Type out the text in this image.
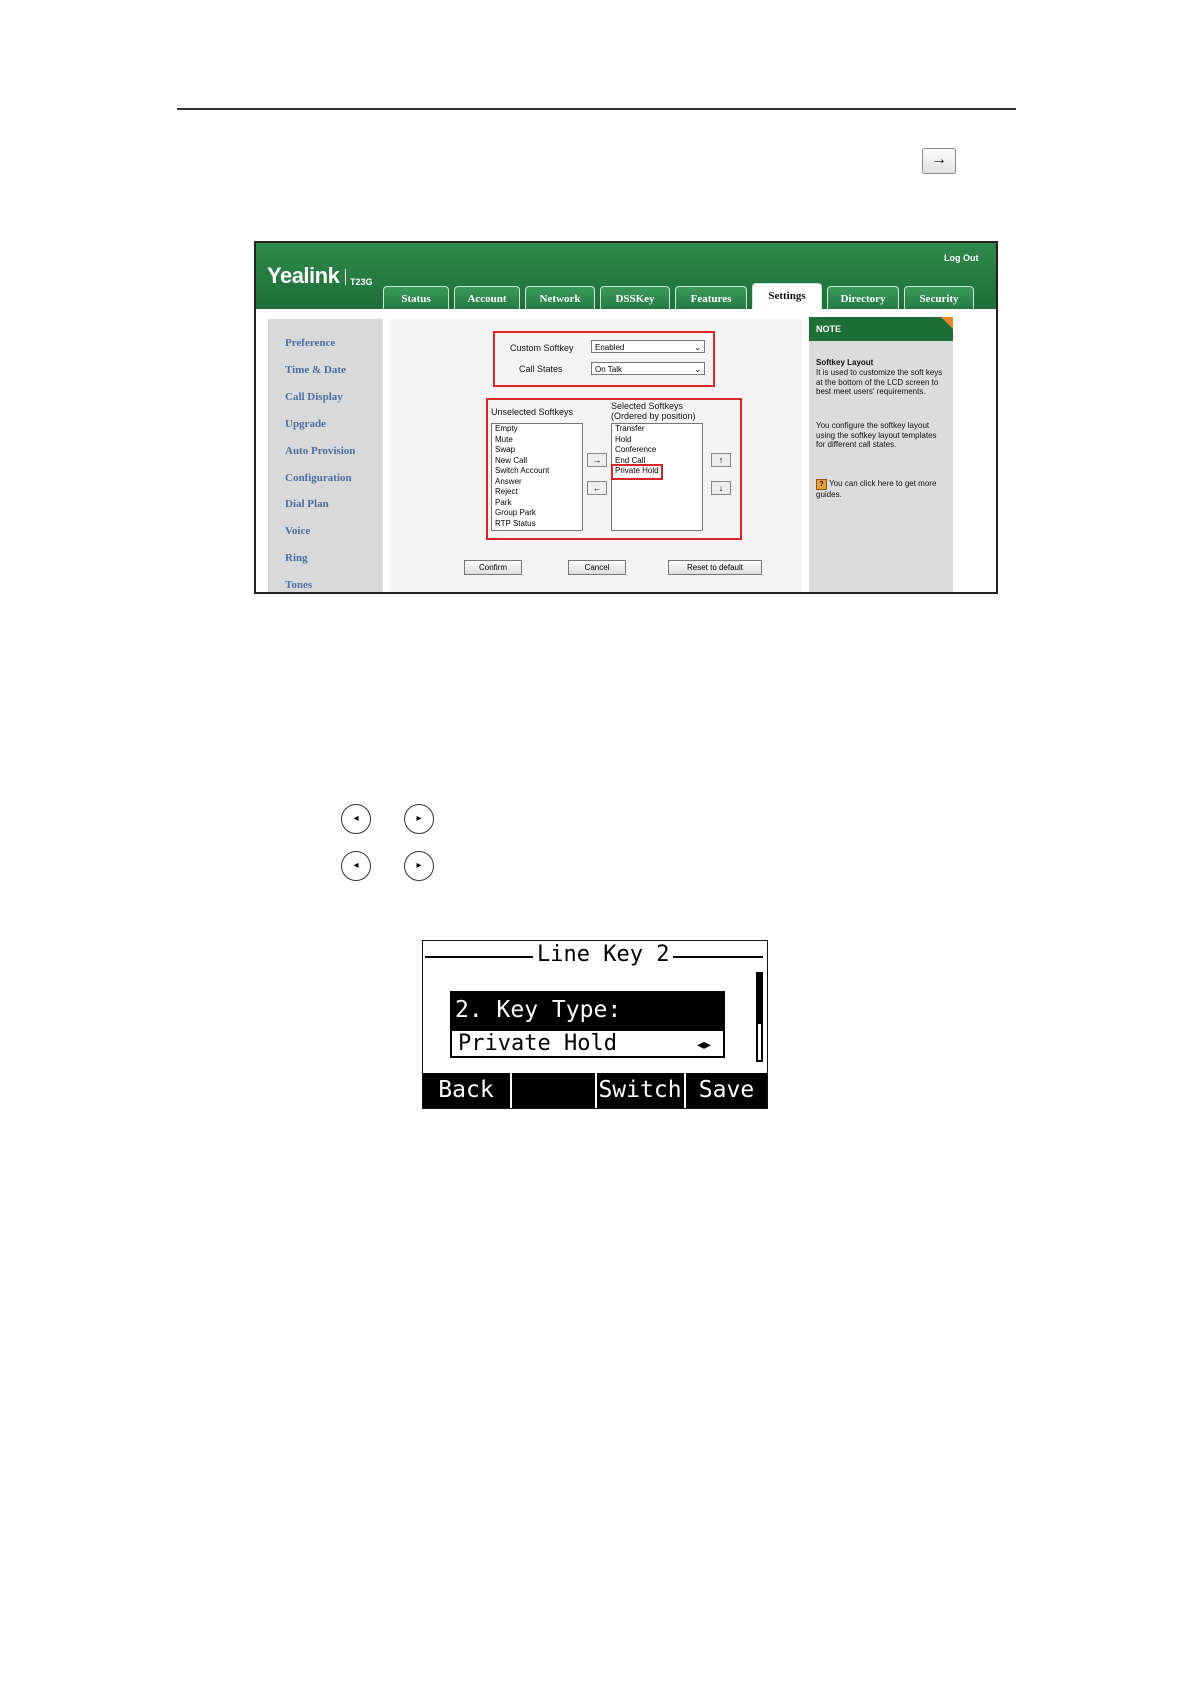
→
Yealink T23G
Log Out
Status	Account	Network	DSSKey	Features	Settings	Directory	Security
Preference
Time & Date
Call Display
Upgrade
Auto Provision
Configuration
Dial Plan
Voice
Ring
Tones
Custom Softkey	Enabled	⌄
Call States	On Talk	⌄
Unselected Softkeys
Selected Softkeys
(Ordered by position)
Empty
Mute
Swap
New Call
Switch Account
Answer
Reject
Park
Group Park
RTP Status
→
←
Transfer
Hold
Conference
End Call
Private Hold
↑
↓
Confirm	Cancel	Reset to default
NOTE
Softkey Layout
It is used to customize the soft keys at the bottom of the LCD screen to best meet users' requirements.
You configure the softkey layout using the softkey layout templates for different call states.
? You can click here to get more guides.
◂	▸
◂	▸
Line Key 2
2. Key Type:
Private Hold	◂▸
Back	Switch Save
